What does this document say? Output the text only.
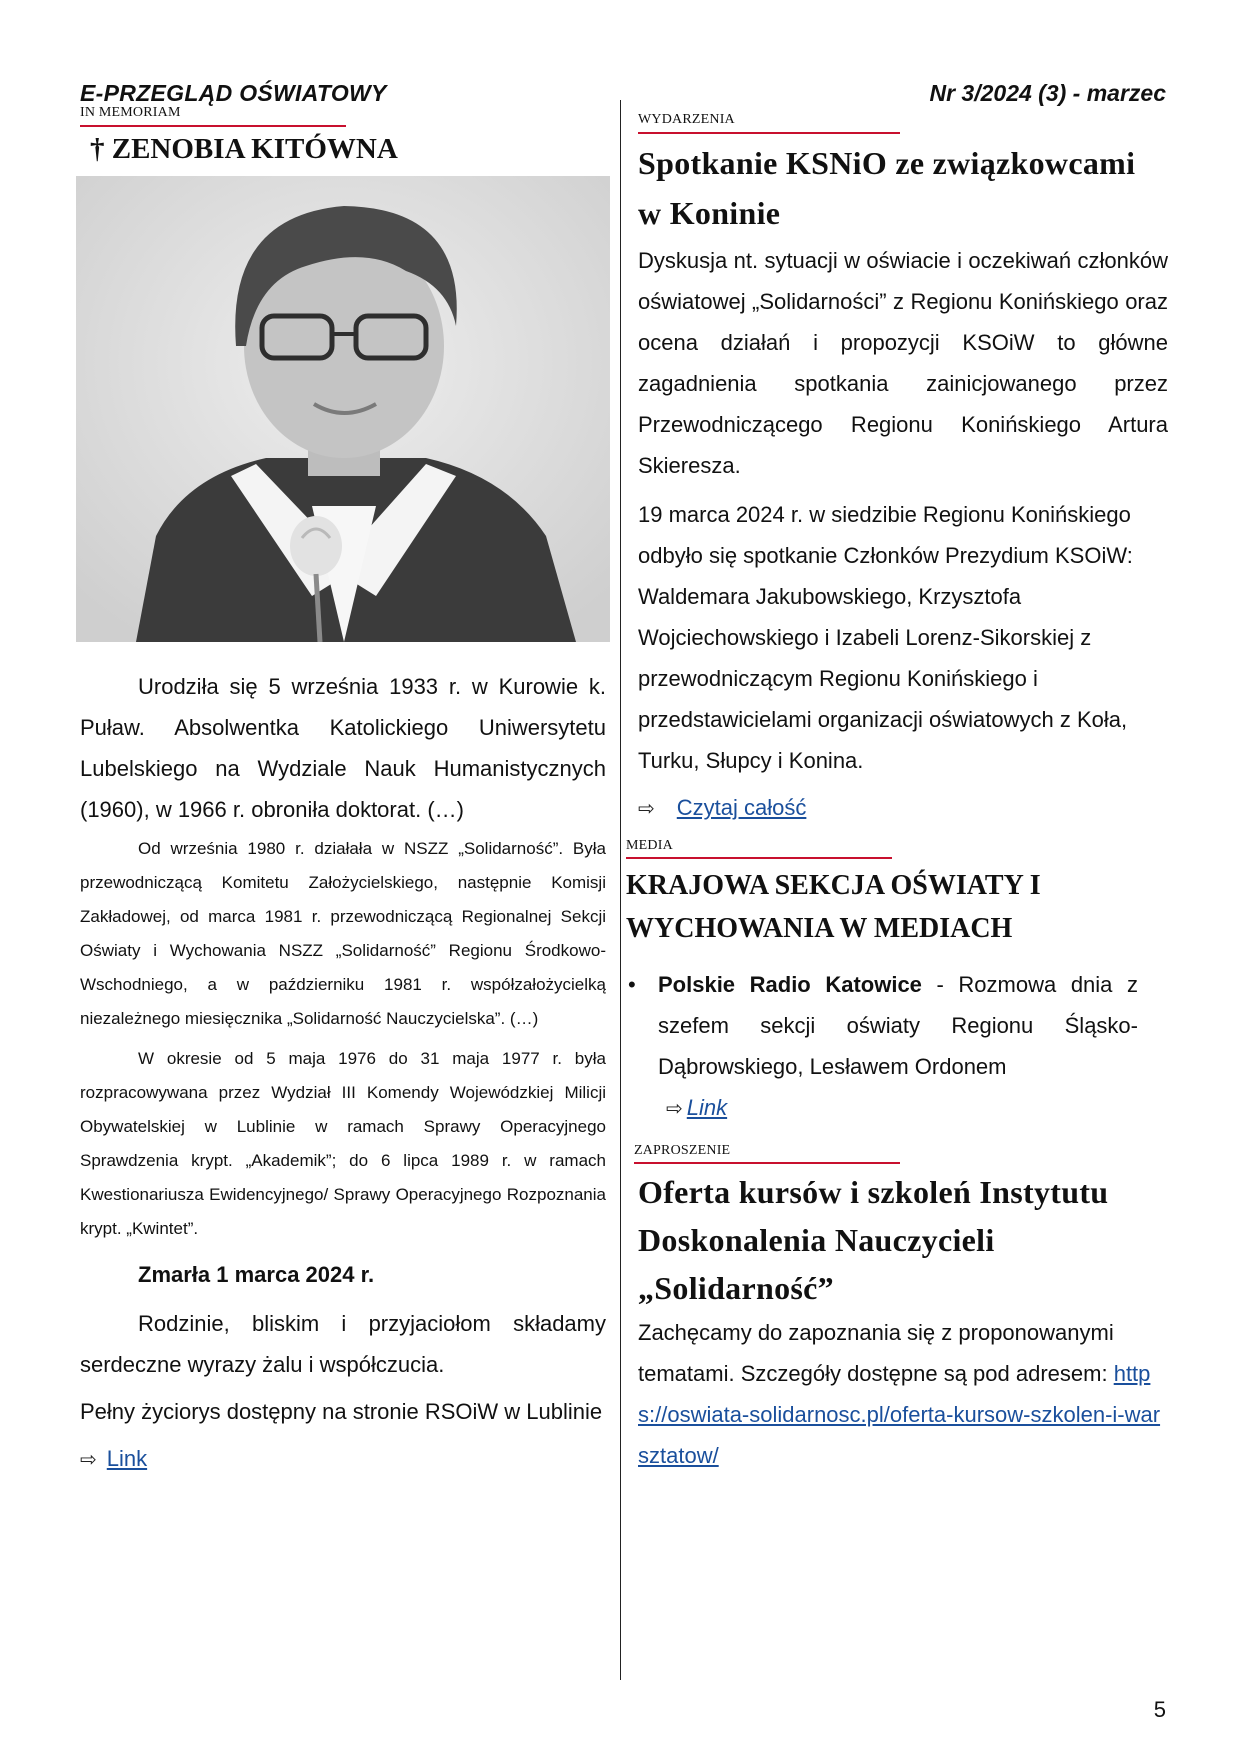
E-PRZEGLĄD OŚWIATOWY	Nr 3/2024 (3) - marzec
IN MEMORIAM
† ZENOBIA KITÓWNA

Urodziła się 5 września 1933 r. w Kurowie k. Puław. Absolwentka Katolickiego Uniwersytetu Lubelskiego na Wydziale Nauk Humanistycznych (1960), w 1966 r. obroniła doktorat. (…)

Od września 1980 r. działała w NSZZ „Solidarność”. Była przewodniczącą Komitetu Założycielskiego, następnie Komisji Zakładowej, od marca 1981 r. przewodniczącą Regionalnej Sekcji Oświaty i Wychowania NSZZ „Solidarność” Regionu Środkowo-Wschodniego, a w październiku 1981 r. współzałożycielką niezależnego miesięcznika „Solidarność Nauczycielska”. (…)

W okresie od 5 maja 1976 do 31 maja 1977 r. była rozpracowywana przez Wydział III Komendy Wojewódzkiej Milicji Obywatelskiej w Lublinie w ramach Sprawy Operacyjnego Sprawdzenia krypt. „Akademik”; do 6 lipca 1989 r. w ramach Kwestionariusza Ewidencyjnego/ Sprawy Operacyjnego Rozpoznania krypt. „Kwintet”.

Zmarła 1 marca 2024 r.

Rodzinie, bliskim i przyjaciołom składamy serdeczne wyrazy żalu i współczucia.

Pełny życiorys dostępny na stronie RSOiW w Lublinie

⇨ Link
WYDARZENIA
Spotkanie KSNiO ze związkowcami w Koninie

Dyskusja nt. sytuacji w oświacie i oczekiwań członków oświatowej „Solidarności” z Regionu Konińskiego oraz ocena działań i propozycji KSOiW to główne zagadnienia spotkania zainicjowanego przez Przewodniczącego Regionu Konińskiego Artura Skieresza.

19 marca 2024 r. w siedzibie Regionu Konińskiego odbyło się spotkanie Członków Prezydium KSOiW: Waldemara Jakubowskiego, Krzysztofa Wojciechowskiego i Izabeli Lorenz-Sikorskiej z przewodniczącym Regionu Konińskiego i przedstawicielami organizacji oświatowych z Koła, Turku, Słupcy i Konina.

⇨ Czytaj całość
MEDIA
KRAJOWA SEKCJA OŚWIATY I WYCHOWANIA W MEDIACH
• Polskie Radio Katowice - Rozmowa dnia z szefem sekcji oświaty Regionu Śląsko-Dąbrowskiego, Lesławem Ordonem
⇨ Link
ZAPROSZENIE
Oferta kursów i szkoleń Instytutu Doskonalenia Nauczycieli „Solidarność”

Zachęcamy do zapoznania się z proponowanymi tematami. Szczegóły dostępne są pod adresem: https://oswiata-solidarnosc.pl/oferta-kursow-szkolen-i-warsztatow/

5
